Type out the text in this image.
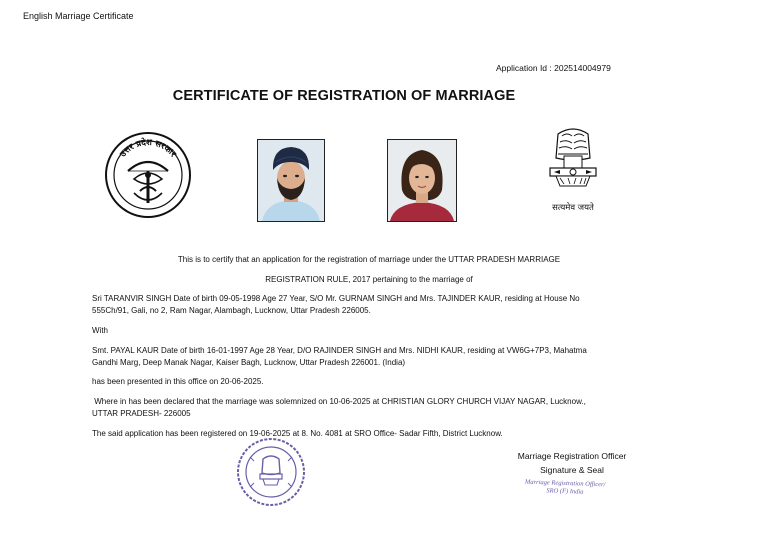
English Marriage Certificate
Application Id : 202514004979
CERTIFICATE OF REGISTRATION OF MARRIAGE
उत्तर प्रदेश सरकार
सत्यमेव जयते
This is to certify that an application for the registration of marriage under the UTTAR PRADESH MARRIAGE
REGISTRATION RULE, 2017 pertaining to the marriage of
Sri TARANVIR SINGH Date of birth 09-05-1998 Age 27 Year, S/O Mr. GURNAM SINGH and Mrs. TAJINDER KAUR, residing at House No
555Ch/91, Gali, no 2, Ram Nagar, Alambagh, Lucknow, Uttar Pradesh 226005.
With
Smt. PAYAL KAUR Date of birth 16-01-1997 Age 28 Year, D/O RAJINDER SINGH and Mrs. NIDHI KAUR, residing at VW6G+7P3, Mahatma
Gandhi Marg, Deep Manak Nagar, Kaiser Bagh, Lucknow, Uttar Pradesh 226001. (India)
has been presented in this office on 20-06-2025.
Where in has been declared that the marriage was solemnized on 10-06-2025 at CHRISTIAN GLORY CHURCH VIJAY NAGAR, Lucknow.,
UTTAR PRADESH- 226005
The said application has been registered on 19-06-2025 at 8. No. 4081 at SRO Office- Sadar Fifth, District Lucknow.
Marriage Registration Officer
Signature & Seal
Marriage Registration Officer/
SRO (F) India
